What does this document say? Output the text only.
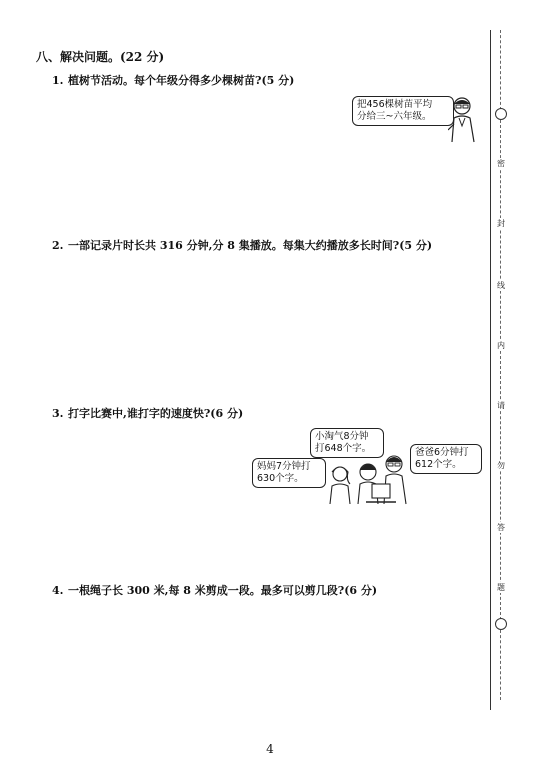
八、解决问题。(22 分)
1. 植树节活动。每个年级分得多少棵树苗?(5 分)
把456棵树苗平均
分给三~六年级。
2. 一部记录片时长共 316 分钟,分 8 集播放。每集大约播放多长时间?(5 分)
3. 打字比赛中,谁打字的速度快?(6 分)
小淘气8分钟
打648个字。
妈妈7分钟打
630个字。
爸爸6分钟打
612个字。
4. 一根绳子长 300 米,每 8 米剪成一段。最多可以剪几段?(6 分)
密
封
线
内
请
勿
答
题
4
